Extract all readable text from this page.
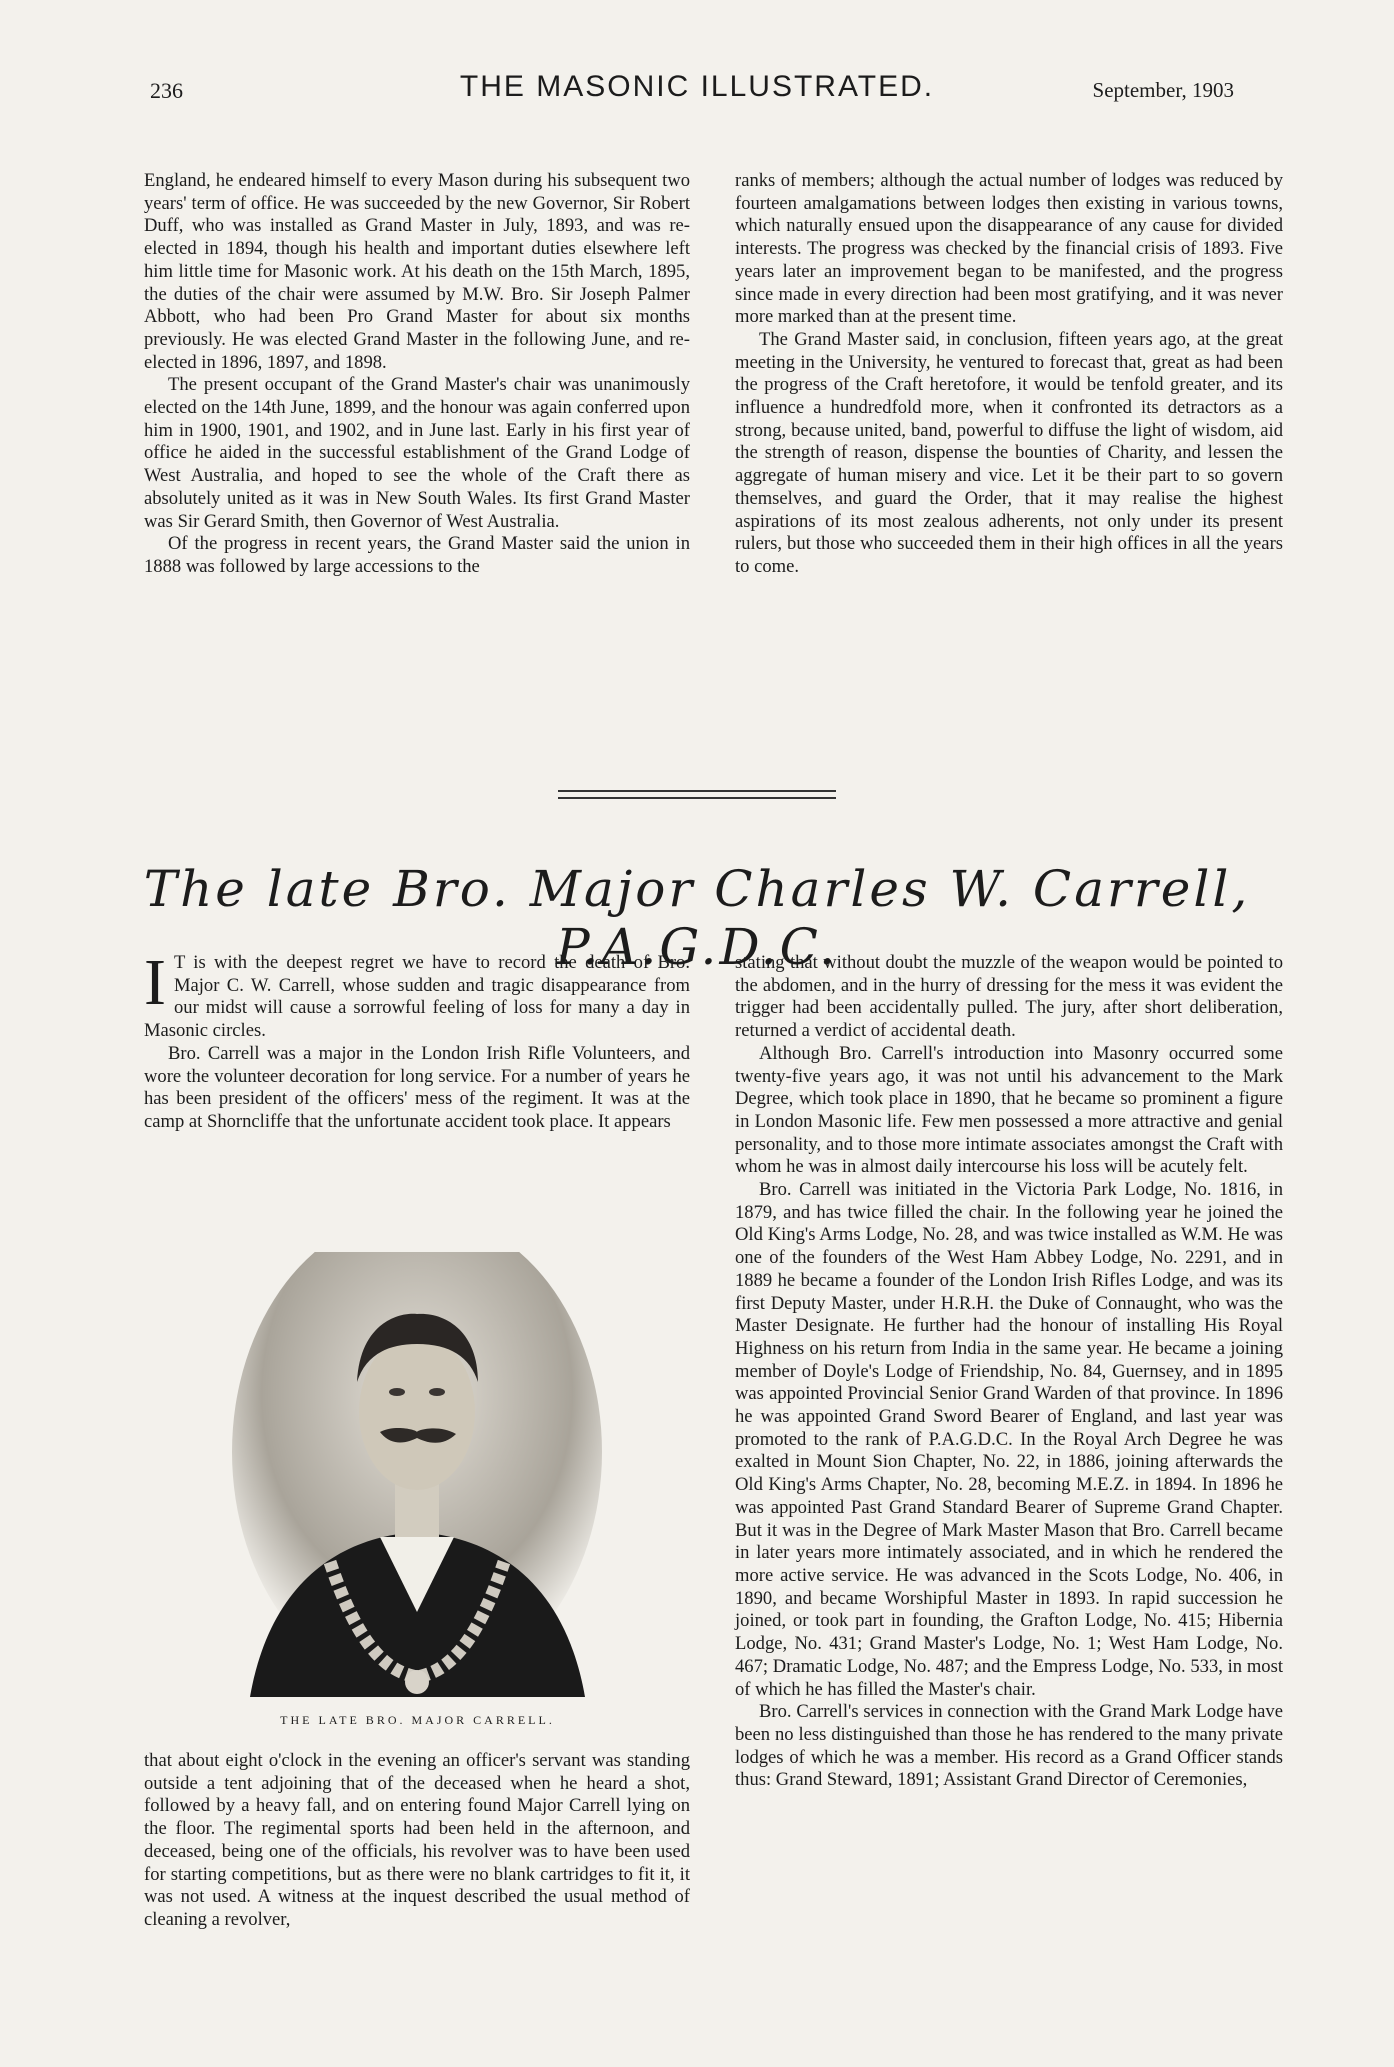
236	THE MASONIC ILLUSTRATED.	September, 1903

England, he endeared himself to every Mason during his subsequent two years' term of office. He was succeeded by the new Governor, Sir Robert Duff, who was installed as Grand Master in July, 1893, and was re-elected in 1894, though his health and important duties elsewhere left him little time for Masonic work. At his death on the 15th March, 1895, the duties of the chair were assumed by M.W. Bro. Sir Joseph Palmer Abbott, who had been Pro Grand Master for about six months previously. He was elected Grand Master in the following June, and re-elected in 1896, 1897, and 1898.

The present occupant of the Grand Master's chair was unanimously elected on the 14th June, 1899, and the honour was again conferred upon him in 1900, 1901, and 1902, and in June last. Early in his first year of office he aided in the successful establishment of the Grand Lodge of West Australia, and hoped to see the whole of the Craft there as absolutely united as it was in New South Wales. Its first Grand Master was Sir Gerard Smith, then Governor of West Australia.

Of the progress in recent years, the Grand Master said the union in 1888 was followed by large accessions to the

ranks of members; although the actual number of lodges was reduced by fourteen amalgamations between lodges then existing in various towns, which naturally ensued upon the disappearance of any cause for divided interests. The progress was checked by the financial crisis of 1893. Five years later an improvement began to be manifested, and the progress since made in every direction had been most gratifying, and it was never more marked than at the present time.

The Grand Master said, in conclusion, fifteen years ago, at the great meeting in the University, he ventured to forecast that, great as had been the progress of the Craft heretofore, it would be tenfold greater, and its influence a hundredfold more, when it confronted its detractors as a strong, because united, band, powerful to diffuse the light of wisdom, aid the strength of reason, dispense the bounties of Charity, and lessen the aggregate of human misery and vice. Let it be their part to so govern themselves, and guard the Order, that it may realise the highest aspirations of its most zealous adherents, not only under its present rulers, but those who succeeded them in their high offices in all the years to come.

The late Bro. Major Charles W. Carrell, P.A.G.D.C.

I T is with the deepest regret we have to record the death of Bro. Major C. W. Carrell, whose sudden and tragic disappearance from our midst will cause a sorrowful feeling of loss for many a day in Masonic circles.

Bro. Carrell was a major in the London Irish Rifle Volunteers, and wore the volunteer decoration for long service. For a number of years he has been president of the officers' mess of the regiment. It was at the camp at Shorncliffe that the unfortunate accident took place. It appears

THE LATE BRO. MAJOR CARRELL.

that about eight o'clock in the evening an officer's servant was standing outside a tent adjoining that of the deceased when he heard a shot, followed by a heavy fall, and on entering found Major Carrell lying on the floor. The regimental sports had been held in the afternoon, and deceased, being one of the officials, his revolver was to have been used for starting competitions, but as there were no blank cartridges to fit it, it was not used. A witness at the inquest described the usual method of cleaning a revolver,

stating that without doubt the muzzle of the weapon would be pointed to the abdomen, and in the hurry of dressing for the mess it was evident the trigger had been accidentally pulled. The jury, after short deliberation, returned a verdict of accidental death.

Although Bro. Carrell's introduction into Masonry occurred some twenty-five years ago, it was not until his advancement to the Mark Degree, which took place in 1890, that he became so prominent a figure in London Masonic life. Few men possessed a more attractive and genial personality, and to those more intimate associates amongst the Craft with whom he was in almost daily intercourse his loss will be acutely felt.

Bro. Carrell was initiated in the Victoria Park Lodge, No. 1816, in 1879, and has twice filled the chair. In the following year he joined the Old King's Arms Lodge, No. 28, and was twice installed as W.M. He was one of the founders of the West Ham Abbey Lodge, No. 2291, and in 1889 he became a founder of the London Irish Rifles Lodge, and was its first Deputy Master, under H.R.H. the Duke of Connaught, who was the Master Designate. He further had the honour of installing His Royal Highness on his return from India in the same year. He became a joining member of Doyle's Lodge of Friendship, No. 84, Guernsey, and in 1895 was appointed Provincial Senior Grand Warden of that province. In 1896 he was appointed Grand Sword Bearer of England, and last year was promoted to the rank of P.A.G.D.C. In the Royal Arch Degree he was exalted in Mount Sion Chapter, No. 22, in 1886, joining afterwards the Old King's Arms Chapter, No. 28, becoming M.E.Z. in 1894. In 1896 he was appointed Past Grand Standard Bearer of Supreme Grand Chapter. But it was in the Degree of Mark Master Mason that Bro. Carrell became in later years more intimately associated, and in which he rendered the more active service. He was advanced in the Scots Lodge, No. 406, in 1890, and became Worshipful Master in 1893. In rapid succession he joined, or took part in founding, the Grafton Lodge, No. 415; Hibernia Lodge, No. 431; Grand Master's Lodge, No. 1; West Ham Lodge, No. 467; Dramatic Lodge, No. 487; and the Empress Lodge, No. 533, in most of which he has filled the Master's chair.

Bro. Carrell's services in connection with the Grand Mark Lodge have been no less distinguished than those he has rendered to the many private lodges of which he was a member. His record as a Grand Officer stands thus: Grand Steward, 1891; Assistant Grand Director of Ceremonies,
